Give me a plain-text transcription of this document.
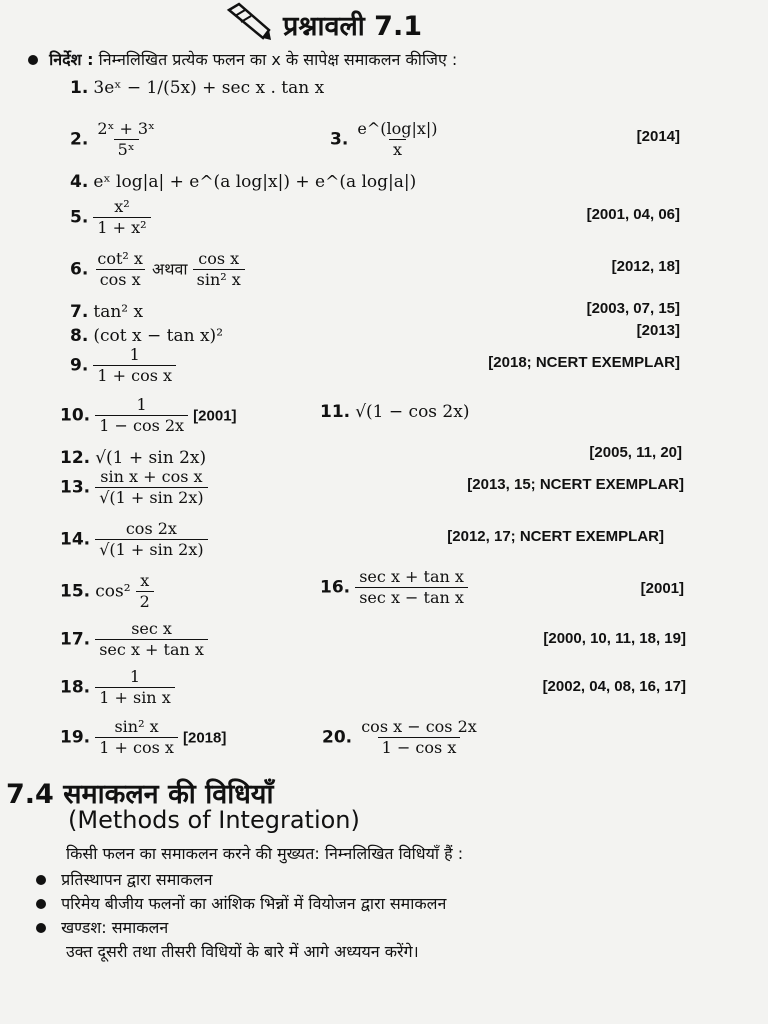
प्रश्नावली 7.1
निर्देश : निम्नलिखित प्रत्येक फलन का x के सापेक्ष समाकलन कीजिए :
1. 3eˣ − 1/(5x) + sec x . tan x
2. $\frac{\text{2ˣ + 3ˣ}}{\text{5ˣ}}$	3. $\frac{e\^{}(\log|x|)}{x}$	[2014]
4. eˣ log|a| + e^(a log|x|) + e^(a log|a|)
5. $\frac{\text{x²}}{\text{1 + x²}}$	[2001, 04, 06]
6. $\frac{\text{cot² x}}{\text{cos x}}$ अथवा $\frac{\text{cos x}}{\text{sin² x}}$	[2012, 18]
7. tan² x	[2003, 07, 15]
8. (cot x − tan x)²	[2013]
9. $\frac{1}{\text{1 + cos x}}$	[2018; NCERT EXEMPLAR]
10. $\frac{1}{1 - \cos 2x} [2001]$	11. √(1 − cos 2x)
12. √(1 + sin 2x)	[2005, 11, 20]
13. $\frac{\text{sin x + cos x}}{√(1 + \sin 2x)}$	[2013, 15; NCERT EXEMPLAR]
14. $\frac{\cos 2x}{√(1 + \sin 2x)}$	[2012, 17; NCERT EXEMPLAR]
15. $\cos^2 \frac{x}{2}$	16. $\frac{\text{sec x + tan x}}{\text{sec x − tan x}}$	[2001]
17. $\frac{\text{sec x}}{\text{sec x + tan x}}$	[2000, 10, 11, 18, 19]
18. $\frac{1}{\text{1 + sin x}}$	[2002, 04, 08, 16, 17]
19. $\frac{\text{sin² x}}{\text{1 + cos x}} [2018]$	20. $\frac{\text{cos x − cos 2x}}{\text{1 − cos x}}$
7.4 समाकलन की विधियाँ
(Methods of Integration)
किसी फलन का समाकलन करने की मुख्यत: निम्नलिखित विधियाँ हैं :
प्रतिस्थापन द्वारा समाकलन
परिमेय बीजीय फलनों का आंशिक भिन्नों में वियोजन द्वारा समाकलन
खण्डश: समाकलन
उक्त दूसरी तथा तीसरी विधियों के बारे में आगे अध्ययन करेंगे।
